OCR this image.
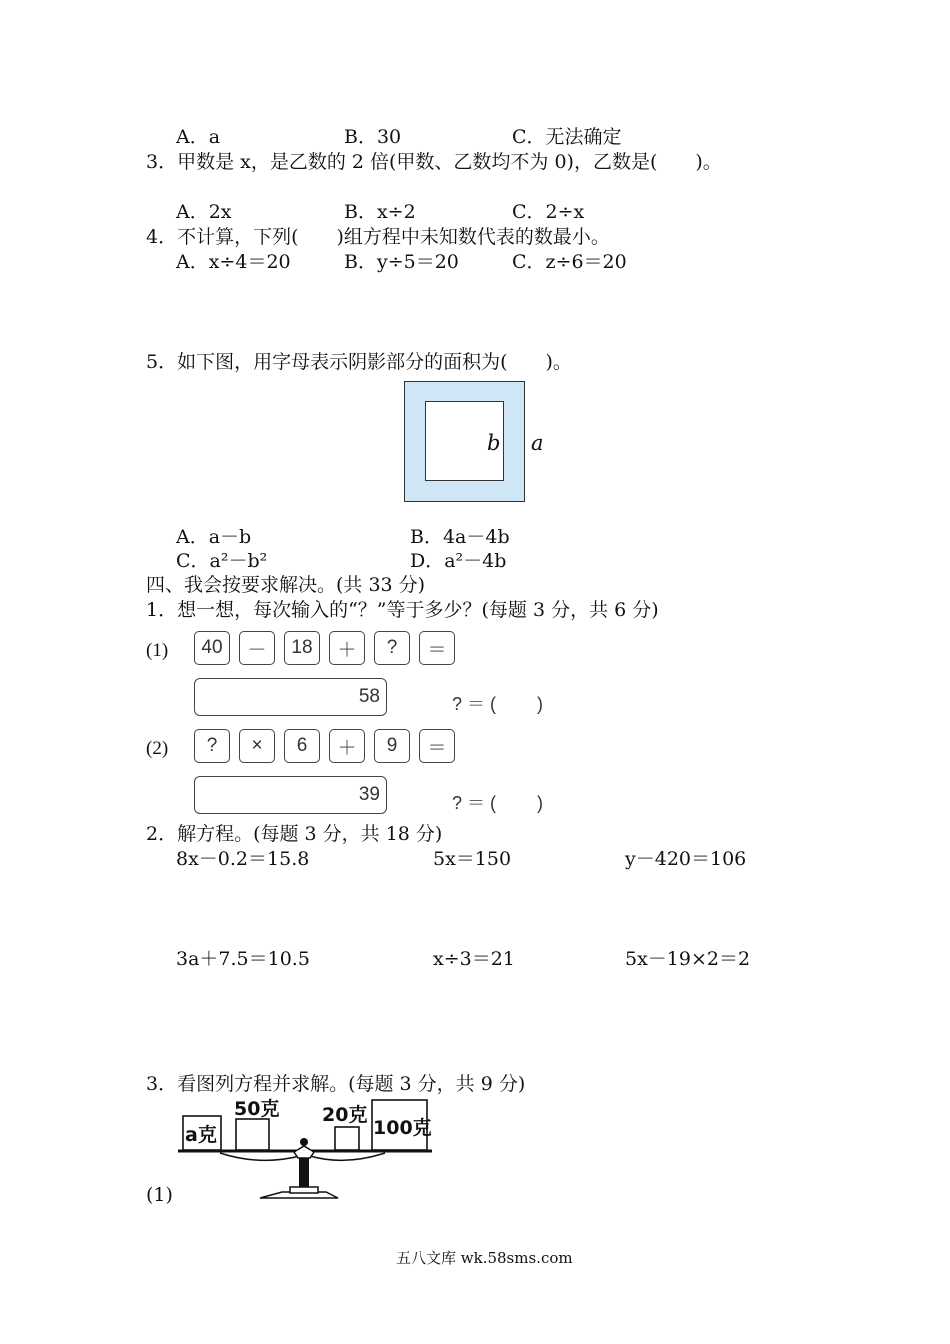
A．a	B．30	C．无法确定
3．甲数是 x，是乙数的 2 倍(甲数、乙数均不为 0)，乙数是(　　)。
A．2x	B．x÷2	C．2÷x
4．不计算，下列(　　)组方程中未知数代表的数最小。
A．x÷4＝20	B．y÷5＝20	C．z÷6＝20
5．如下图，用字母表示阴影部分的面积为(　　)。
b a
A．a－b	B．4a－4b
C．a²－b²	D．a²－4b
四、我会按要求解决。(共 33 分)
1．想一想，每次输入的“？”等于多少？(每题 3 分，共 6 分)
(1)	40	－	18	＋	?	＝
58	? ＝ (　　 )
(2)	?	×	6	＋	9	＝
39	? ＝ (　　 )
2．解方程。(每题 3 分，共 18 分)
8x－0.2＝15.8	5x＝150	y－420＝106
3a＋7.5＝10.5	x÷3＝21	5x－19×2＝2
3．看图列方程并求解。(每题 3 分，共 9 分)
a克
50克 20克
100克
(1)
五八文库 wk.58sms.com
